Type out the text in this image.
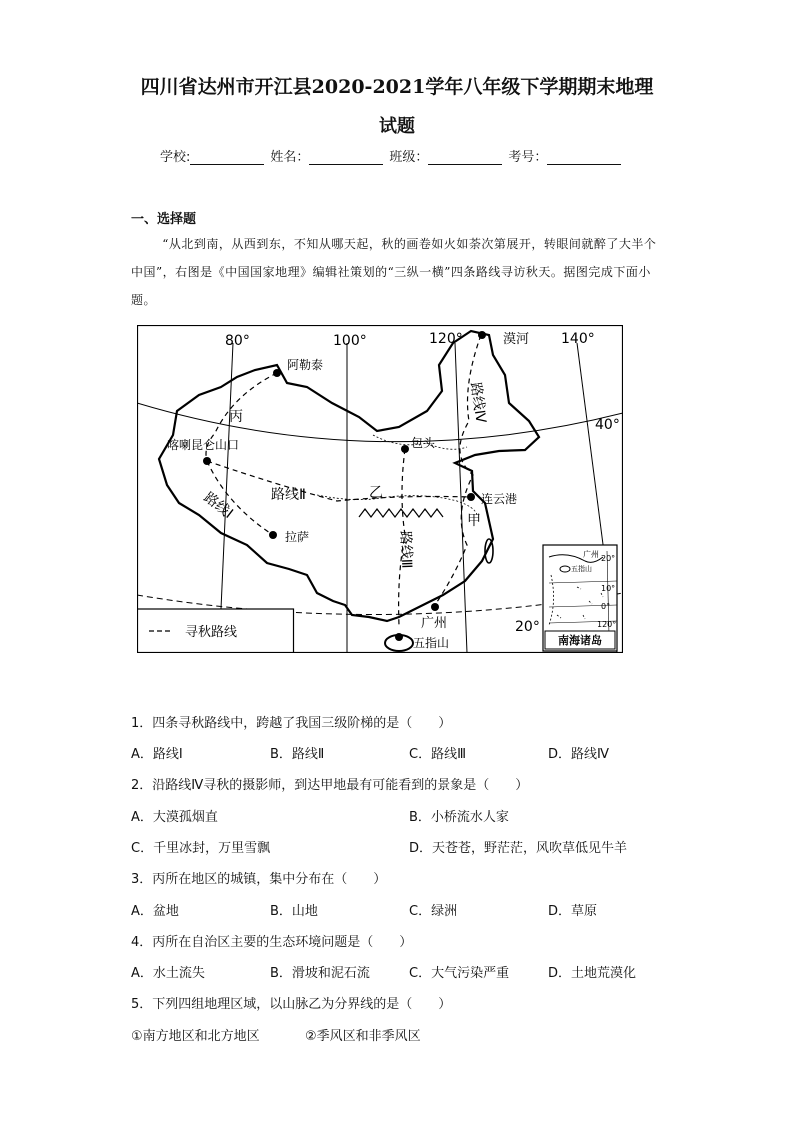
四川省达州市开江县2020-2021学年八年级下学期期末地理
试题
学校:	姓名：	班级：	考号：
一、选择题

“从北到南，从西到东，不知从哪天起，秋的画卷如火如荼次第展开，转眼间就醉了大半个中国”，右图是《中国国家地理》编辑社策划的“三纵一横”四条路线寻访秋天。据图完成下面小题。

80°	100°	120°	140°
40°
20°
漠河
阿勒泰
丙
喀喇昆仑山口	包头
路线Ⅱ	乙	连云港
路线Ⅰ
拉萨
甲
路线Ⅲ
路线Ⅳ
广州
五指山
寻秋路线
广州
五指山
20°
10°
0°
120°
南海诸岛
1．四条寻秋路线中，跨越了我国三级阶梯的是（　　）
A．路线Ⅰ	B．路线Ⅱ	C．路线Ⅲ	D．路线Ⅳ
2．沿路线Ⅳ寻秋的摄影师，到达甲地最有可能看到的景象是（　　）
A．大漠孤烟直	B．小桥流水人家
C．千里冰封，万里雪飘	D．天苍苍，野茫茫，风吹草低见牛羊
3．丙所在地区的城镇，集中分布在（　　）
A．盆地	B．山地	C．绿洲	D．草原
4．丙所在自治区主要的生态环境问题是（　　）
A．水土流失	B．滑坡和泥石流	C．大气污染严重	D．土地荒漠化
5．下列四组地理区域，以山脉乙为分界线的是（　　）
①南方地区和北方地区	②季风区和非季风区
